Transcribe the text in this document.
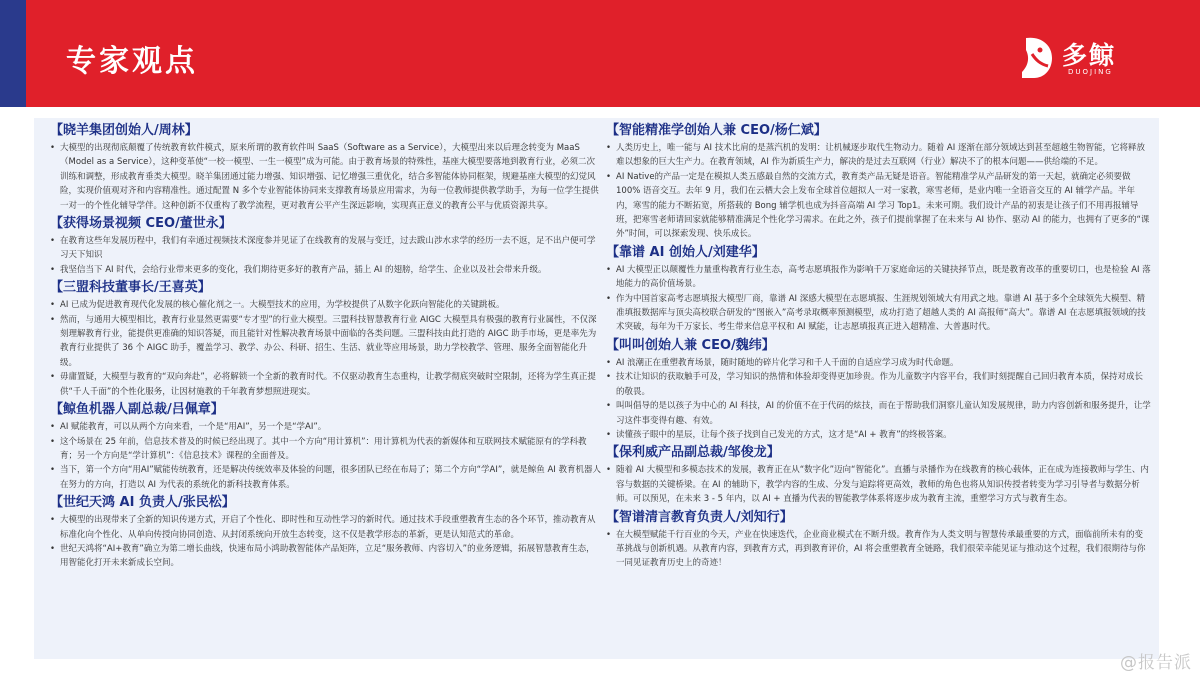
专家观点	多鲸
DUOJING
【晓羊集团创始人/周林】
• 大模型的出现彻底颠覆了传统教育软件模式，原来所谓的教育软件叫 SaaS（Software as a Service），大模型出来以后理念转变为 MaaS（Model as a Service），这种变革使“一校一模型、一生一模型”成为可能。由于教育场景的特殊性，基座大模型要落地到教育行业，必须二次训练和调整，形成教育垂类大模型。晓羊集团通过能力增强、知识增强、记忆增强三重优化，结合多智能体协同框架，规避基座大模型的幻觉风险，实现价值观对齐和内容精准性。通过配置 N 多个专业智能体协同来支撑教育场景应用需求，为每一位教师提供教学助手，为每一位学生提供一对一的个性化辅导学伴。这种创新不仅重构了教学流程，更对教育公平产生深远影响，实现真正意义的教育公平与优质资源共享。
【获得场景视频 CEO/董世永】
• 在教育这些年发展历程中，我们有幸通过视频技术深度参并见证了在线教育的发展与变迁，过去跋山涉水求学的经历一去不返，足不出户便可学习天下知识
• 我坚信当下 AI 时代，会给行业带来更多的变化，我们期待更多好的教育产品，插上 AI 的翅膀，给学生、企业以及社会带来升级。
【三盟科技董事长/王喜英】
• AI 已成为促进教育现代化发展的核心催化剂之一。大模型技术的应用，为学校提供了从数字化跃向智能化的关键跳板。
• 然而，与通用大模型相比，教育行业显然更需要“专才型”的行业大模型。三盟科技智慧教育行业 AIGC 大模型具有极强的教育行业属性，不仅深刻理解教育行业，能提供更准确的知识答疑，而且能针对性解决教育场景中面临的各类问题。三盟科技由此打造的 AIGC 助手市场，更是率先为教育行业提供了 36 个 AIGC 助手，覆盖学习、教学、办公、科研、招生、生活、就业等应用场景，助力学校教学、管理、服务全面智能化升级。
• 毋庸置疑，大模型与教育的“双向奔赴”，必将解锁一个全新的教育时代。不仅驱动教育生态重构，让教学彻底突破时空限制，还将为学生真正提供“千人千面”的个性化服务，让因材施教的千年教育梦想照进现实。
【鲸鱼机器人副总裁/吕佩章】
• AI 赋能教育，可以从两个方向来看，一个是“用AI”，另一个是“学AI”。
• 这个场景在 25 年前，信息技术普及的时候已经出现了。其中一个方向“用计算机”：用计算机为代表的新媒体和互联网技术赋能原有的学科教育；另一个方向是“学计算机”：《信息技术》课程的全面普及。
• 当下，第一个方向“用AI”赋能传统教育，还是解决传统效率及体验的问题，很多团队已经在布局了；第二个方向“学AI”，就是鲸鱼 AI 教育机器人在努力的方向，打造以 AI 为代表的系统化的新科技教育体系。
【世纪天鸿 AI 负责人/张民松】
• 大模型的出现带来了全新的知识传递方式，开启了个性化、即时性和互动性学习的新时代。通过技术手段重塑教育生态的各个环节，推动教育从标准化向个性化、从单向传授向协同创造、从封闭系统向开放生态转变，这不仅是教学形态的革新，更是认知范式的革命。
• 世纪天鸿将“AI+教育”确立为第二增长曲线，快速布局小鸿助教智能体产品矩阵，立足“服务教师、内容切入”的业务逻辑，拓展智慧教育生态，用智能化打开未来新成长空间。
【智能精准学创始人兼 CEO/杨仁斌】
• 人类历史上，唯一能与 AI 技术比肩的是蒸汽机的发明：让机械逐步取代生物动力。随着 AI 逐渐在部分领域达到甚至超越生物智能，它将释放难以想象的巨大生产力。在教育领域，AI 作为新质生产力，解决的是过去互联网（行业）解决不了的根本问题——供给端的不足。
• AI Native的产品一定是在模拟人类五感最自然的交流方式，教育类产品无疑是语音。智能精准学从产品研发的第一天起，就确定必须要做 100% 语音交互。去年 9 月，我们在云栖大会上发布全球首位超拟人一对一家教，寒雪老师，是业内唯一全语音交互的 AI 辅学产品。半年内，寒雪的能力不断拓宽，所搭载的 Bong 辅学机也成为抖音高端 AI 学习 Top1。未来可期。我们设计产品的初衷是让孩子们不用再报辅导班，把寒雪老师请回家就能够精准满足个性化学习需求。在此之外，孩子们提前掌握了在未来与 AI 协作、驱动 AI 的能力，也拥有了更多的“课外”时间，可以探索发现、快乐成长。
【靠谱 AI 创始人/刘建华】
• AI 大模型正以颠覆性力量重构教育行业生态，高考志愿填报作为影响千万家庭命运的关键抉择节点，既是教育改革的重要切口，也是检验 AI 落地能力的高价值场景。
• 作为中国首家高考志愿填报大模型厂商，靠谱 AI 深感大模型在志愿填报、生涯规划领域大有用武之地。靠谱 AI 基于多个全球领先大模型、精准填报数据库与顶尖高校联合研发的“图嵌入”高考录取概率预测模型，成功打造了超越人类的 AI 高报师“高大”。靠谱 AI 在志愿填报领域的技术突破，每年为千万家长、考生带来信息平权和 AI 赋能，让志愿填报真正进入超精准、大普惠时代。
【叫叫创始人兼 CEO/魏纬】
• AI 浪潮正在重塑教育场景，随时随地的碎片化学习和千人千面的自适应学习成为时代命题。
• 技术让知识的获取触手可及，学习知识的热情和体验却变得更加珍贵。作为儿童数字内容平台，我们时刻提醒自己回归教育本质，保持对成长的敬畏。
• 叫叫倡导的是以孩子为中心的 AI 科技，AI 的价值不在于代码的炫技，而在于帮助我们洞察儿童认知发展规律，助力内容创新和服务提升，让学习这件事变得有趣、有效。
• 读懂孩子眼中的星辰，让每个孩子找到自己发光的方式，这才是“AI + 教育”的终极答案。
【保利威产品副总裁/邹俊龙】
• 随着 AI 大模型和多模态技术的发展，教育正在从“数字化”迈向“智能化”。直播与录播作为在线教育的核心载体，正在成为连接教师与学生、内容与数据的关键桥梁。在 AI 的辅助下，教学内容的生成、分发与追踪将更高效，教师的角色也将从知识传授者转变为学习引导者与数据分析师。可以预见，在未来 3 - 5 年内，以 AI + 直播为代表的智能教学体系将逐步成为教育主流，重塑学习方式与教育生态。
【智谱清言教育负责人/刘知行】
• 在大模型赋能千行百业的今天，产业在快速迭代，企业商业模式在不断升级。教育作为人类文明与智慧传承最重要的方式，面临前所未有的变革挑战与创新机遇。从教育内容，到教育方式，再到教育评价，AI 将会重塑教育全链路，我们很荣幸能见证与推动这个过程，我们很期待与你一同见证教育历史上的奇迹！
@报告派
